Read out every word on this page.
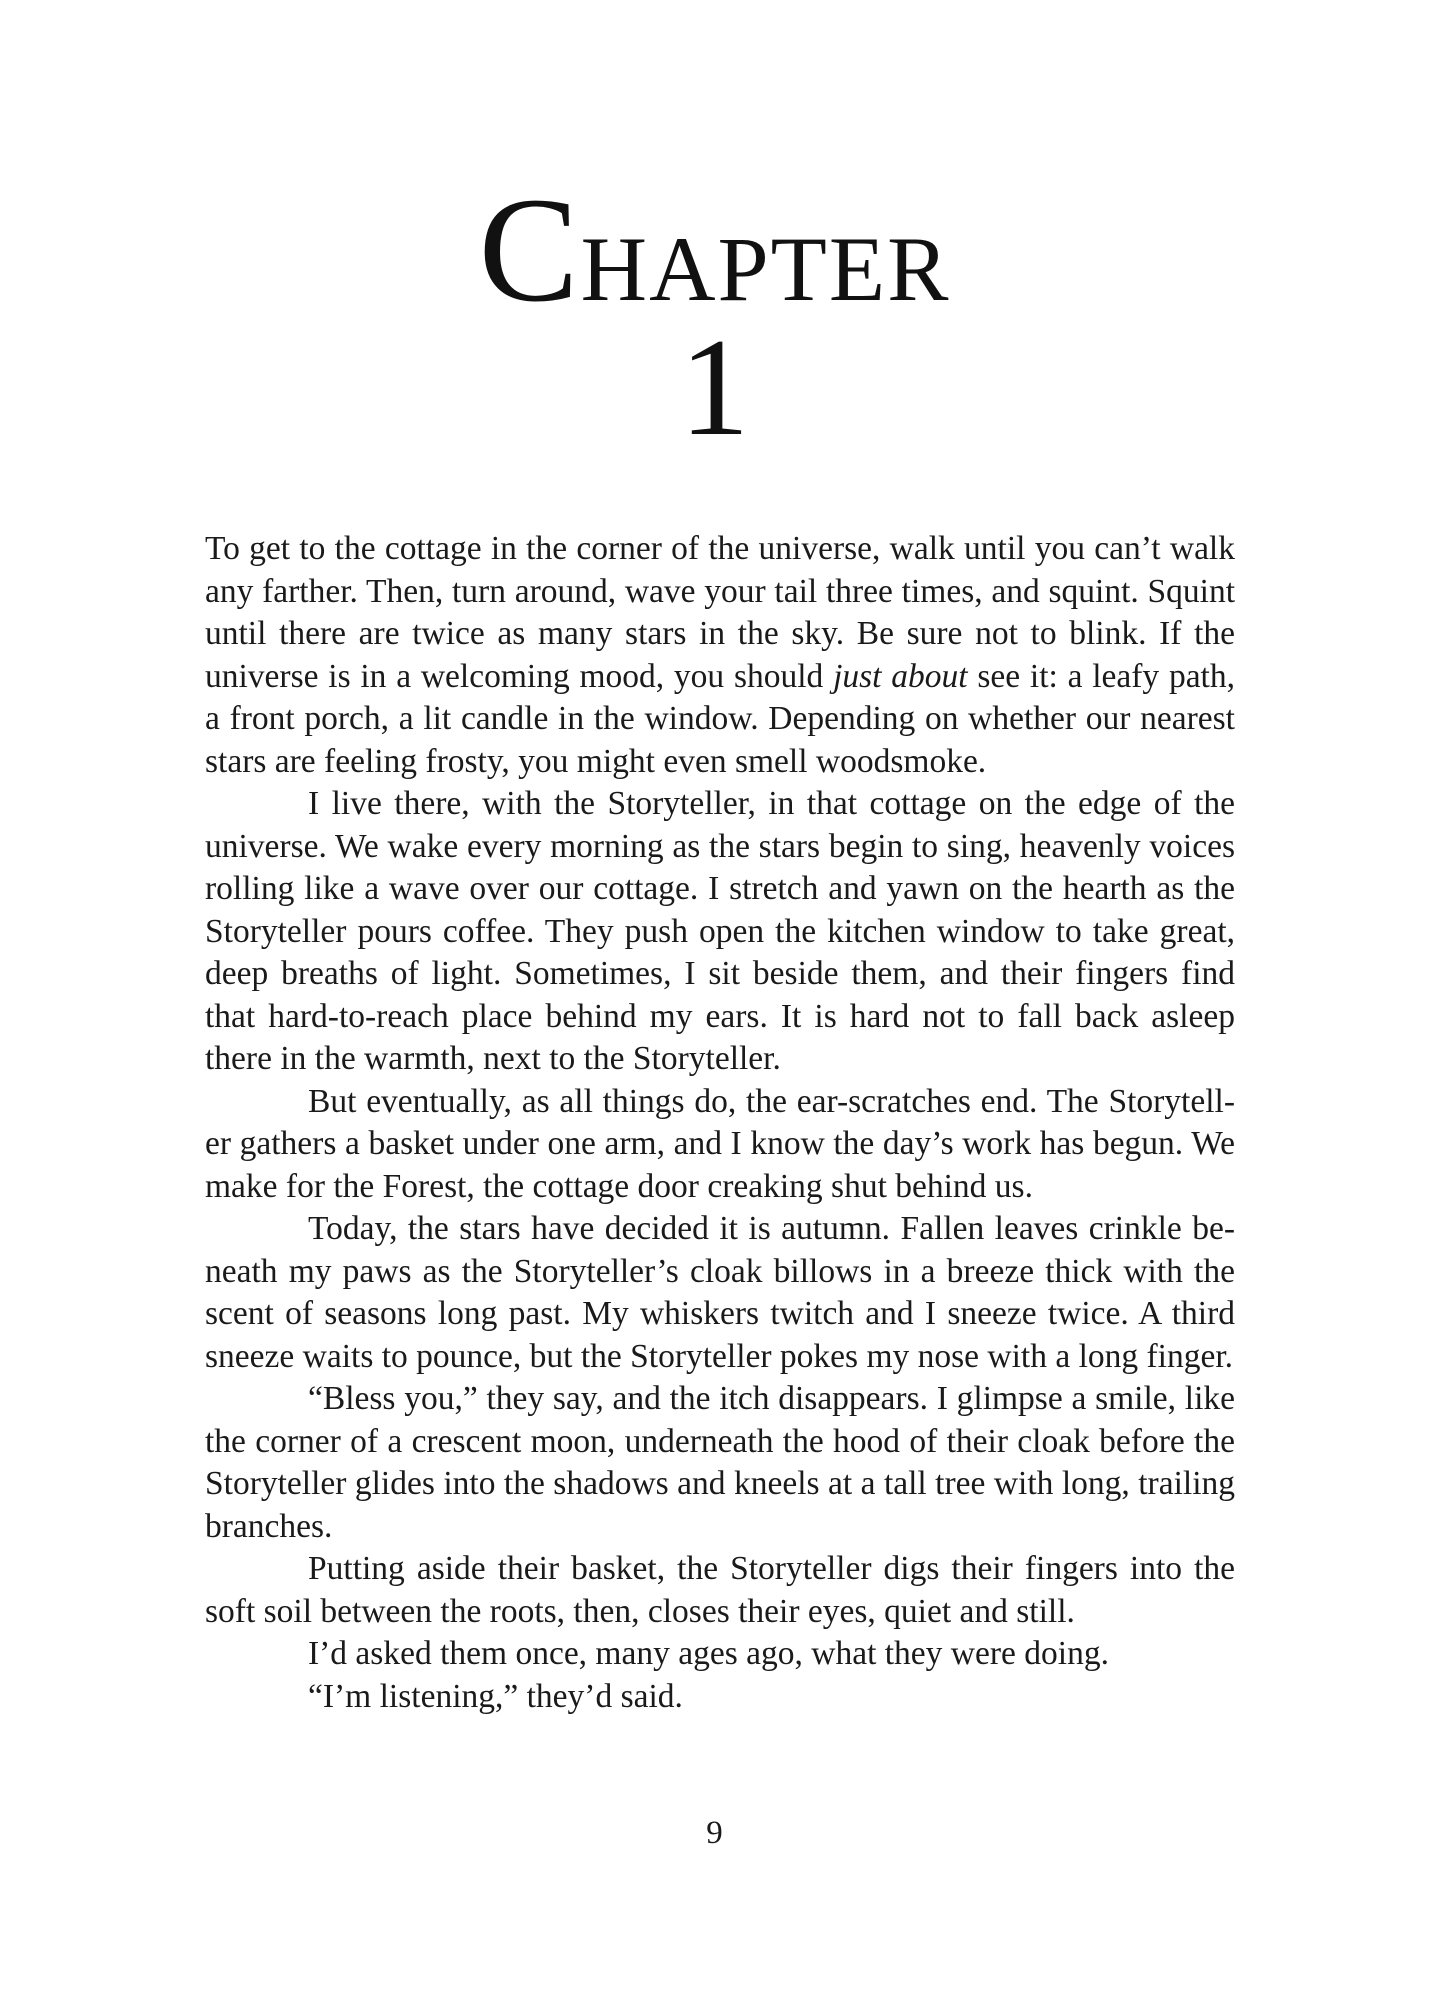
Chapter
1

To get to the cottage in the corner of the universe, walk until you can’t walk any farther. Then, turn around, wave your tail three times, and squint. Squint until there are twice as many stars in the sky. Be sure not to blink. If the universe is in a welcoming mood, you should just about see it: a leafy path, a front porch, a lit candle in the window. Depending on whether our nearest stars are feeling frosty, you might even smell woodsmoke.

I live there, with the Storyteller, in that cottage on the edge of the universe. We wake every morning as the stars begin to sing, heavenly voices rolling like a wave over our cottage. I stretch and yawn on the hearth as the Storyteller pours coffee. They push open the kitchen window to take great, deep breaths of light. Sometimes, I sit beside them, and their fingers find that hard-to-reach place behind my ears. It is hard not to fall back asleep there in the warmth, next to the Storyteller.

But eventually, as all things do, the ear-scratches end. The Storyteller gathers a basket under one arm, and I know the day’s work has begun. We make for the Forest, the cottage door creaking shut behind us.

Today, the stars have decided it is autumn. Fallen leaves crinkle beneath my paws as the Storyteller’s cloak billows in a breeze thick with the scent of seasons long past. My whiskers twitch and I sneeze twice. A third sneeze waits to pounce, but the Storyteller pokes my nose with a long finger.

“Bless you,” they say, and the itch disappears. I glimpse a smile, like the corner of a crescent moon, underneath the hood of their cloak before the Storyteller glides into the shadows and kneels at a tall tree with long, trailing branches.

Putting aside their basket, the Storyteller digs their fingers into the soft soil between the roots, then, closes their eyes, quiet and still.

I’d asked them once, many ages ago, what they were doing.

“I’m listening,” they’d said.

9
